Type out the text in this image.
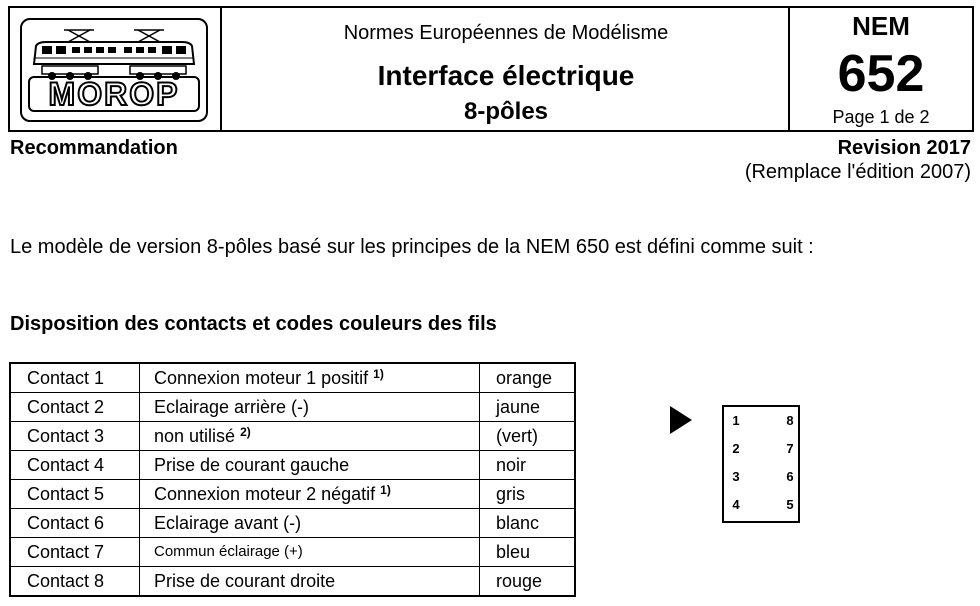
MOROP
Normes Européennes de Modélisme
Interface électrique
8-pôles
NEM
652
Page 1 de 2
Recommandation	Revision 2017
(Remplace l'édition 2007)
Le modèle de version 8-pôles basé sur les principes de la NEM 650 est défini comme suit :
Disposition des contacts et codes couleurs des fils
Contact 1	Connexion moteur 1 positif $^{1)}$	orange
Contact 2	Eclairage arrière (-)	jaune
Contact 3	non utilisé $^{2)}$	(vert)
Contact 4	Prise de courant gauche	noir
Contact 5	Connexion moteur 2 négatif $^{1)}$	gris
Contact 6	Eclairage avant (-)	blanc
Contact 7	Commun éclairage (+)	bleu
Contact 8	Prise de courant droite	rouge
1
2
3
4
8
7
6
5
